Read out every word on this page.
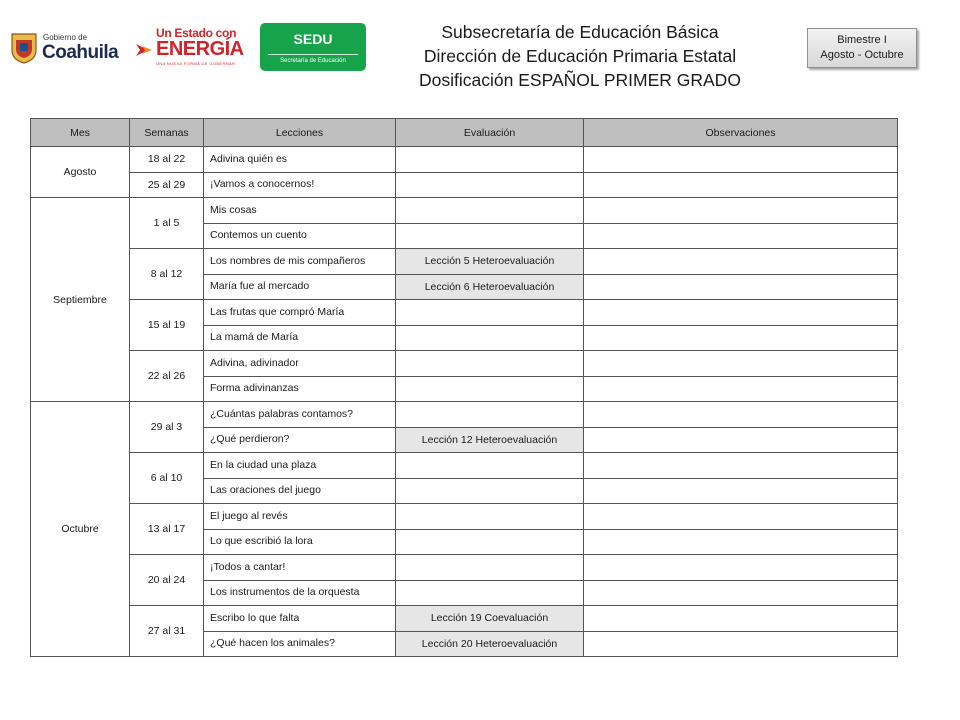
Gobierno de
Coahuila
Un Estado con
ENERGÍA
UNA NUEVA FORMA DE GOBERNAR
SEDU
Secretaría de Educación
Subsecretaría de Educación Básica
Dirección de Educación Primaria Estatal
Dosificación ESPAÑOL PRIMER GRADO
Bimestre I
Agosto - Octubre
Mes	Semanas	Lecciones	Evaluación	Observaciones
Agosto	18 al 22	Adivina quién es		
	25 al 29	¡Vamos a conocernos!		
Septiembre	1 al 5	Mis cosas		
		Contemos un cuento		
	8 al 12	Los nombres de mis compañeros	Lección 5 Heteroevaluación	
		María fue al mercado	Lección 6 Heteroevaluación	
	15 al 19	Las frutas que compró María		
		La mamá de María		
	22 al 26	Adivina, adivinador		
		Forma adivinanzas		
Octubre	29 al 3	¿Cuántas palabras contamos?		
		¿Qué perdieron?	Lección 12 Heteroevaluación	
	6 al 10	En la ciudad una plaza		
		Las oraciones del juego		
	13 al 17	El juego al revés		
		Lo que escribió la lora		
	20 al 24	¡Todos a cantar!		
		Los instrumentos de la orquesta		
	27 al 31	Escribo lo que falta	Lección 19 Coevaluación	
		¿Qué hacen los animales?	Lección 20 Heteroevaluación	
